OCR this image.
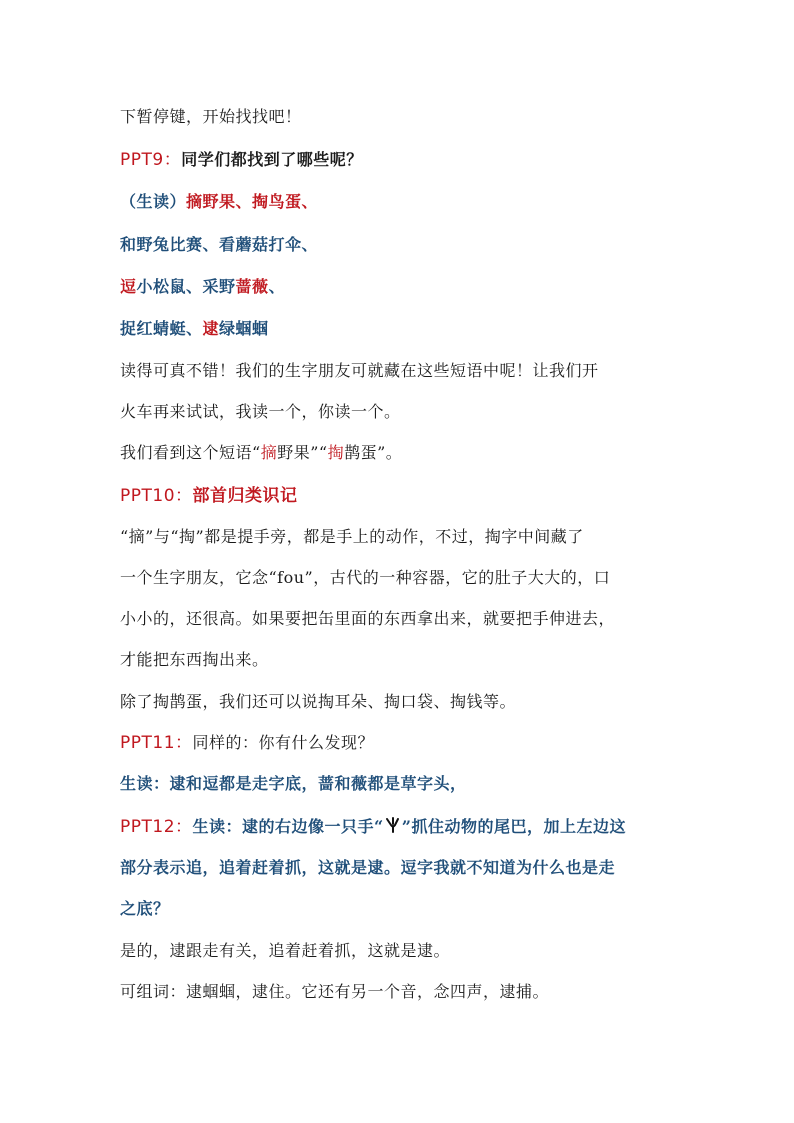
下暂停键，开始找找吧！
PPT9：同学们都找到了哪些呢？
（生读）摘野果、掏鸟蛋、
和野兔比赛、看蘑菇打伞、
逗小松鼠、采野蔷薇、
捉红蜻蜓、逮绿蝈蝈
读得可真不错！我们的生字朋友可就藏在这些短语中呢！让我们开
火车再来试试，我读一个，你读一个。
我们看到这个短语“摘野果”“掏鹊蛋”。
PPT10：部首归类识记
“摘”与“掏”都是提手旁，都是手上的动作，不过，掏字中间藏了
一个生字朋友，它念“fou”，古代的一种容器，它的肚子大大的，口
小小的，还很高。如果要把缶里面的东西拿出来，就要把手伸进去，
才能把东西掏出来。
除了掏鹊蛋，我们还可以说掏耳朵、掏口袋、掏钱等。
PPT11：同样的：你有什么发现？
生读：逮和逗都是走字底，蔷和薇都是草字头，
PPT12：生读：逮的右边像一只手“ ”抓住动物的尾巴，加上左边这
部分表示追，追着赶着抓，这就是逮。逗字我就不知道为什么也是走
之底？
是的，逮跟走有关，追着赶着抓，这就是逮。
可组词：逮蝈蝈，逮住。它还有另一个音，念四声，逮捕。
